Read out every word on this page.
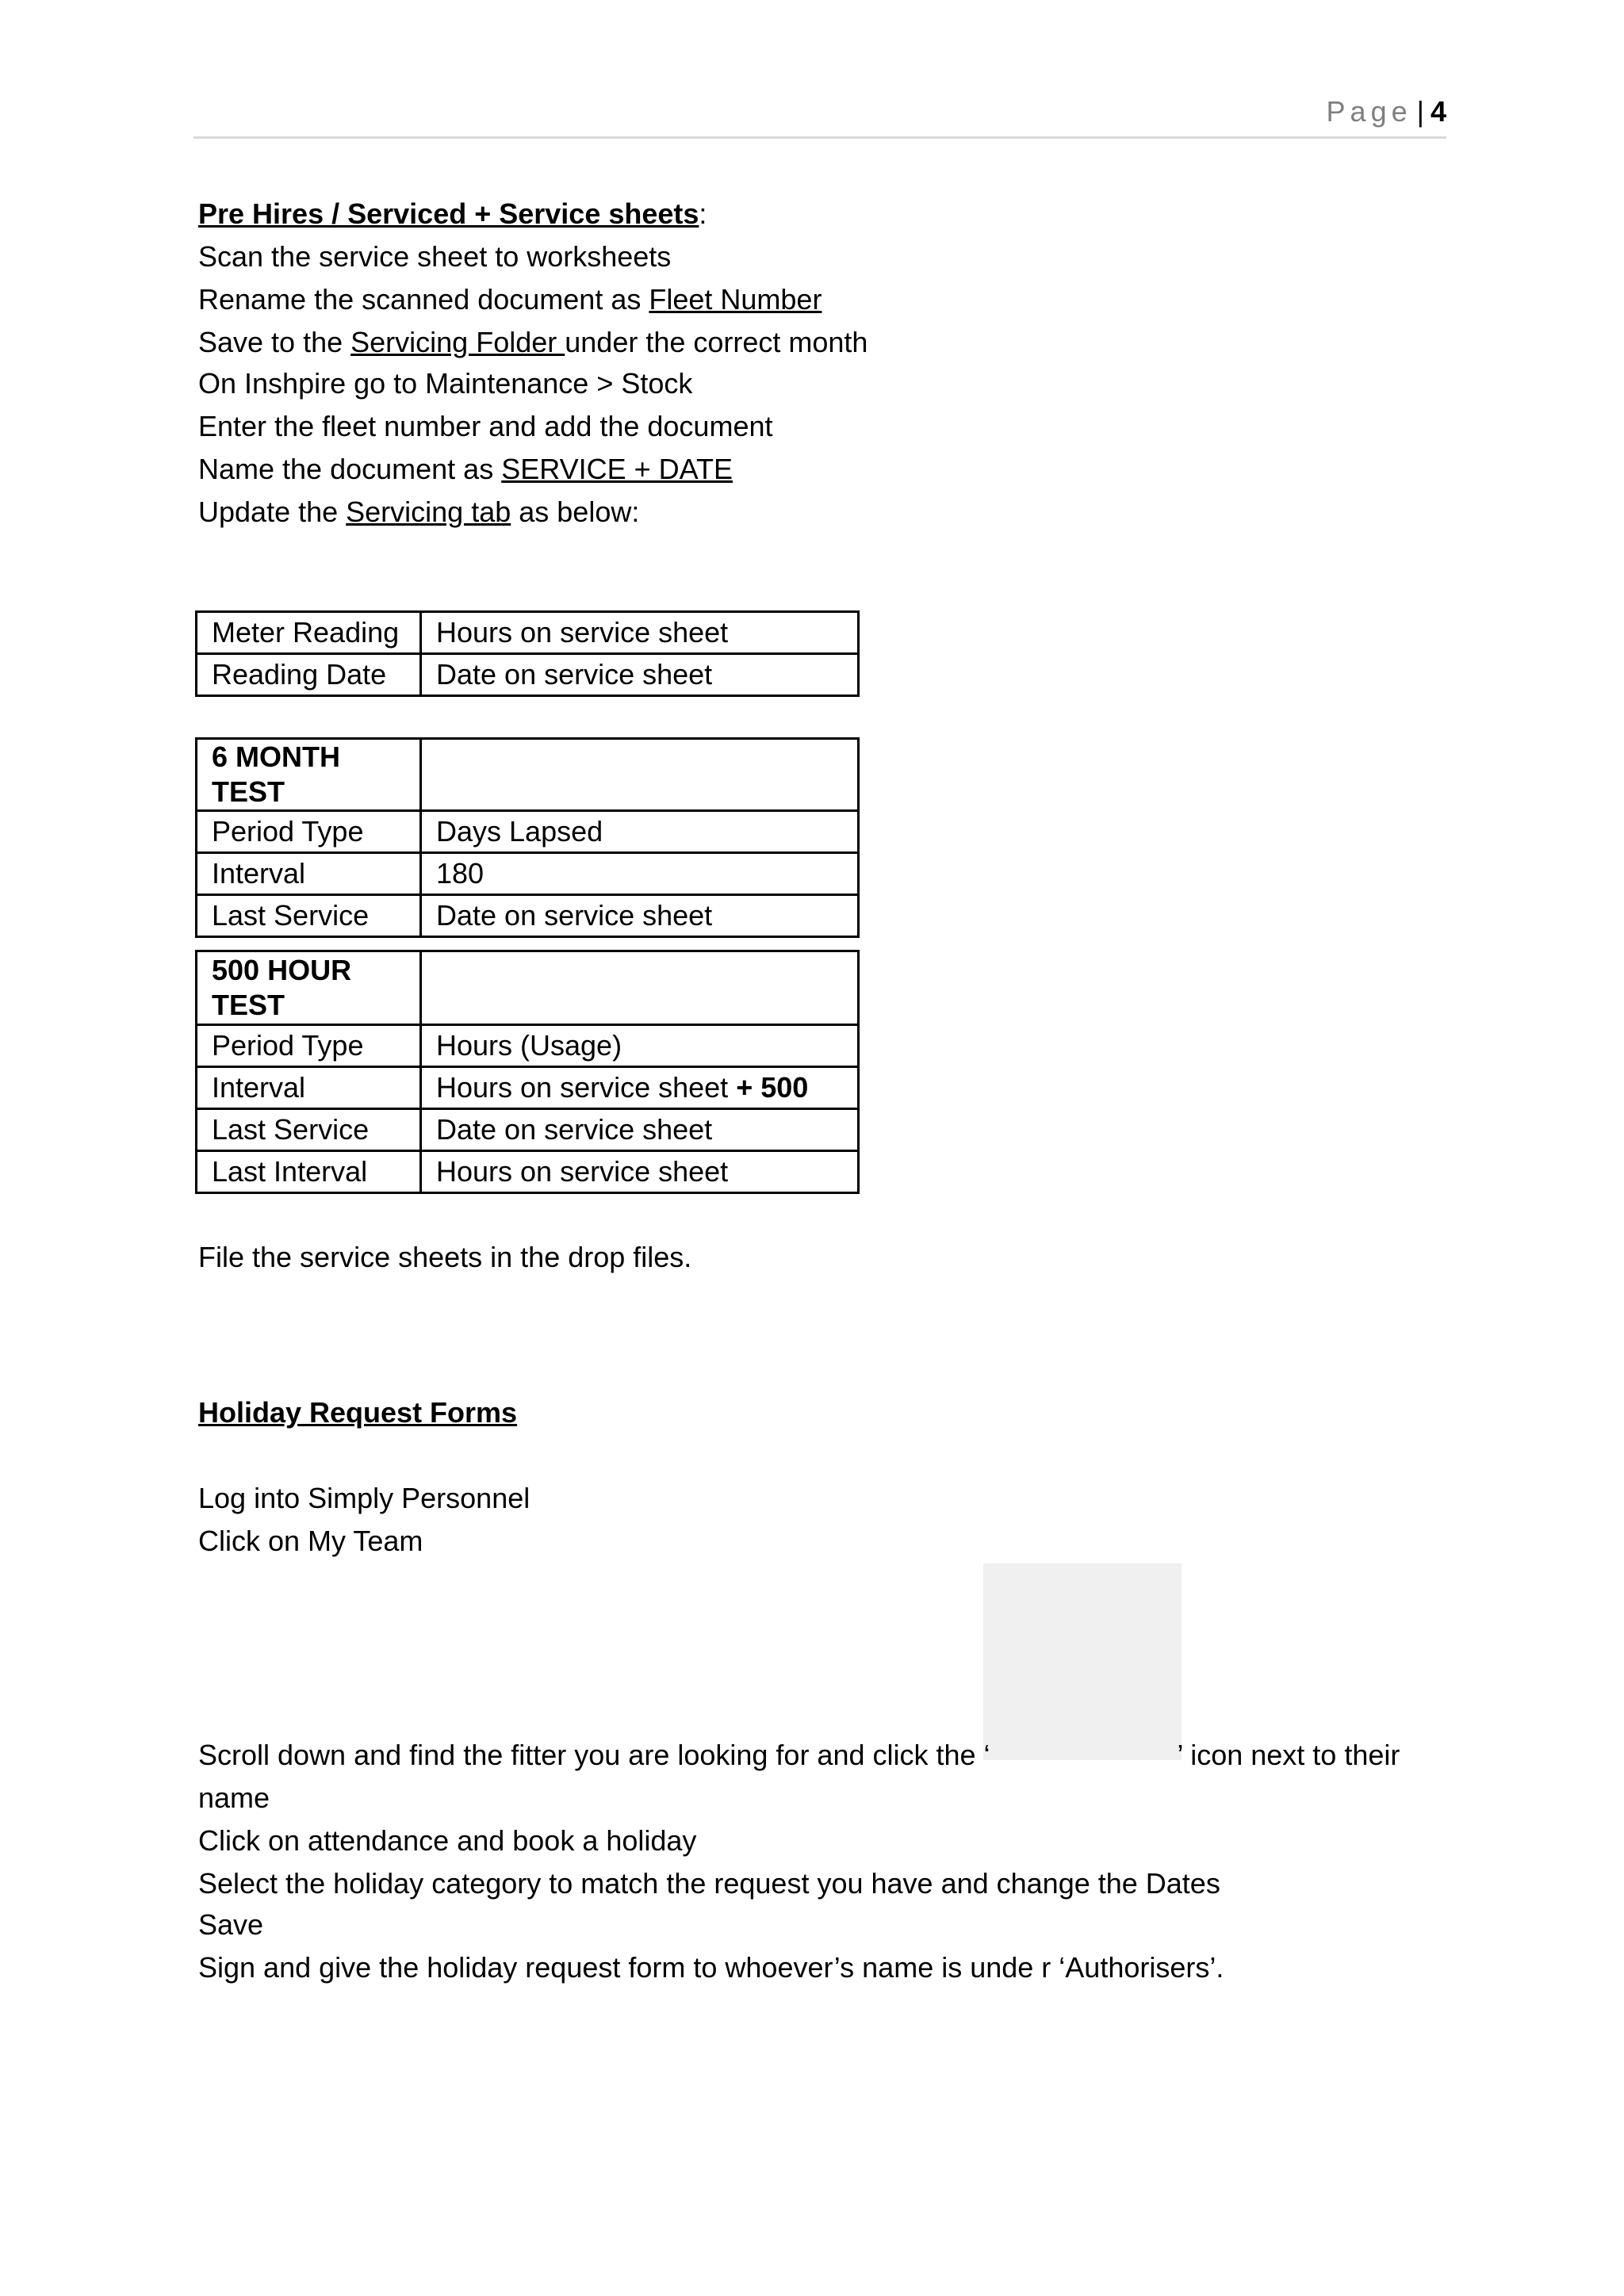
Page | 4
Pre Hires / Serviced + Service sheets:
Scan the service sheet to worksheets
Rename the scanned document as Fleet Number
Save to the Servicing Folder under the correct month
On Inshpire go to Maintenance > Stock
Enter the fleet number and add the document
Name the document as SERVICE + DATE
Update the Servicing tab as below:
Meter Reading	Hours on service sheet
Reading Date	Date on service sheet
6 MONTH TEST	
Period Type	Days Lapsed
Interval	180
Last Service	Date on service sheet
500 HOUR
TEST	

Period Type	Hours (Usage)
Interval	Hours on service sheet + 500
Last Service	Date on service sheet
Last Interval	Hours on service sheet
File the service sheets in the drop files.
Holiday Request Forms
Log into Simply Personnel
Click on My Team
Scroll down and find the fitter you are looking for and click the ‘	’ icon next to their
name
Click on attendance and book a holiday
Select the holiday category to match the request you have and change the Dates
Save
Sign and give the holiday request form to whoever’s name is unde r ‘Authorisers’.
